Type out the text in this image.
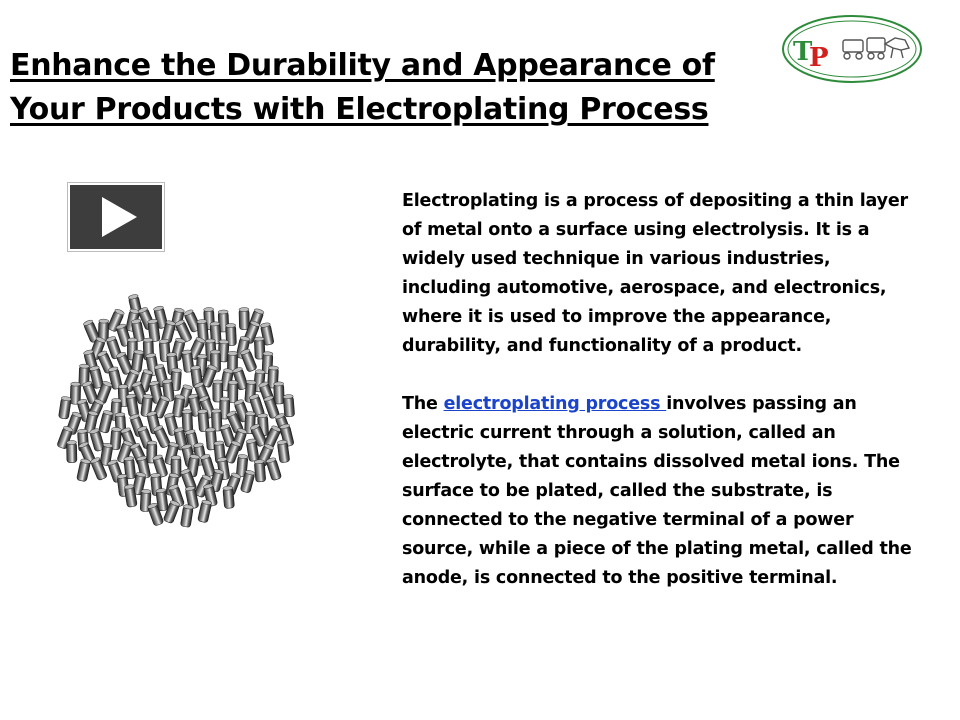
Enhance the Durability and Appearance of Your Products with Electroplating Process
T
P

Electroplating is a process of depositing a thin layer of metal onto a surface using electrolysis. It is a widely used technique in various industries, including automotive, aerospace, and electronics, where it is used to improve the appearance, durability, and functionality of a product.

The electroplating process involves passing an electric current through a solution, called an electrolyte, that contains dissolved metal ions. The surface to be plated, called the substrate, is connected to the negative terminal of a power source, while a piece of the plating metal, called the anode, is connected to the positive terminal.
